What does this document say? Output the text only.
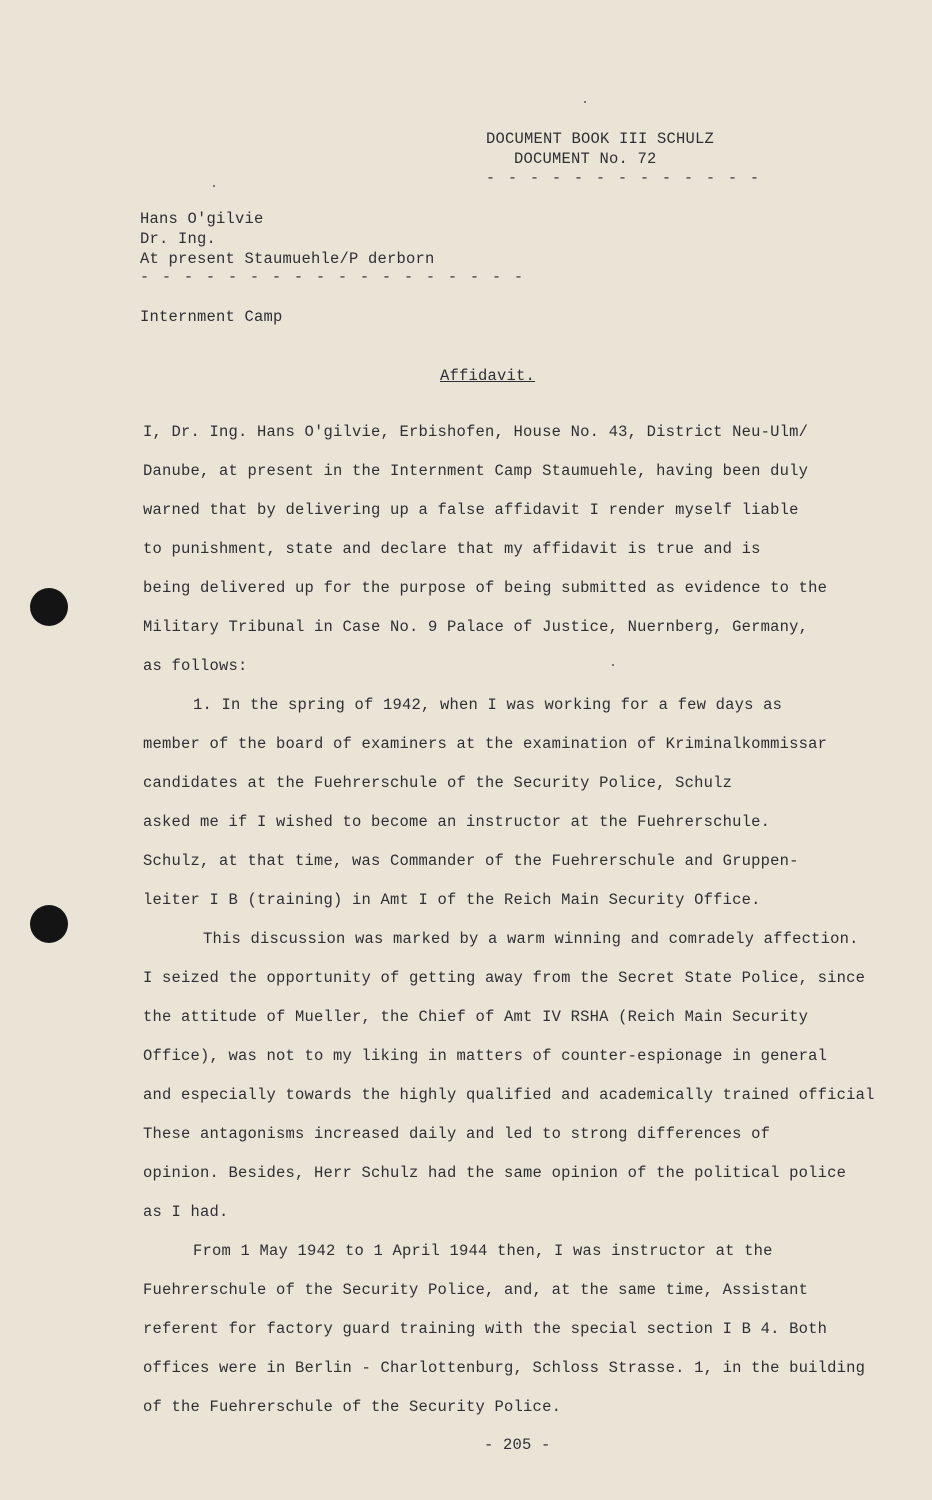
DOCUMENT BOOK III SCHULZ
DOCUMENT No. 72
- - - - - - - - - - - - -
Hans O'gilvie
Dr. Ing.
At present Staumuehle/P derborn
- - - - - - - - - - - - - - - - - -
Internment Camp
Affidavit.
I, Dr. Ing. Hans O'gilvie, Erbishofen, House No. 43, District Neu-Ulm/
Danube, at present in the Internment Camp Staumuehle, having been duly
warned that by delivering up a false affidavit I render myself liable
to punishment, state and declare that my affidavit is true and is
being delivered up for the purpose of being submitted as evidence to the
Military Tribunal in Case No. 9 Palace of Justice, Nuernberg, Germany,
as follows:
1. In the spring of 1942, when I was working for a few days as
member of the board of examiners at the examination of Kriminalkommissar
candidates at the Fuehrerschule of the Security Police, Schulz
asked me if I wished to become an instructor at the Fuehrerschule.
Schulz, at that time, was Commander of the Fuehrerschule and Gruppen-
leiter I B (training) in Amt I of the Reich Main Security Office.
This discussion was marked by a warm winning and comradely affection.
I seized the opportunity of getting away from the Secret State Police, since
the attitude of Mueller, the Chief of Amt IV RSHA (Reich Main Security
Office), was not to my liking in matters of counter-espionage in general
and especially towards the highly qualified and academically trained official
These antagonisms increased daily and led to strong differences of
opinion. Besides, Herr Schulz had the same opinion of the political police
as I had.
From 1 May 1942 to 1 April 1944 then, I was instructor at the
Fuehrerschule of the Security Police, and, at the same time, Assistant
referent for factory guard training with the special section I B 4. Both
offices were in Berlin - Charlottenburg, Schloss Strasse. 1, in the building
of the Fuehrerschule of the Security Police.
- 205 -
